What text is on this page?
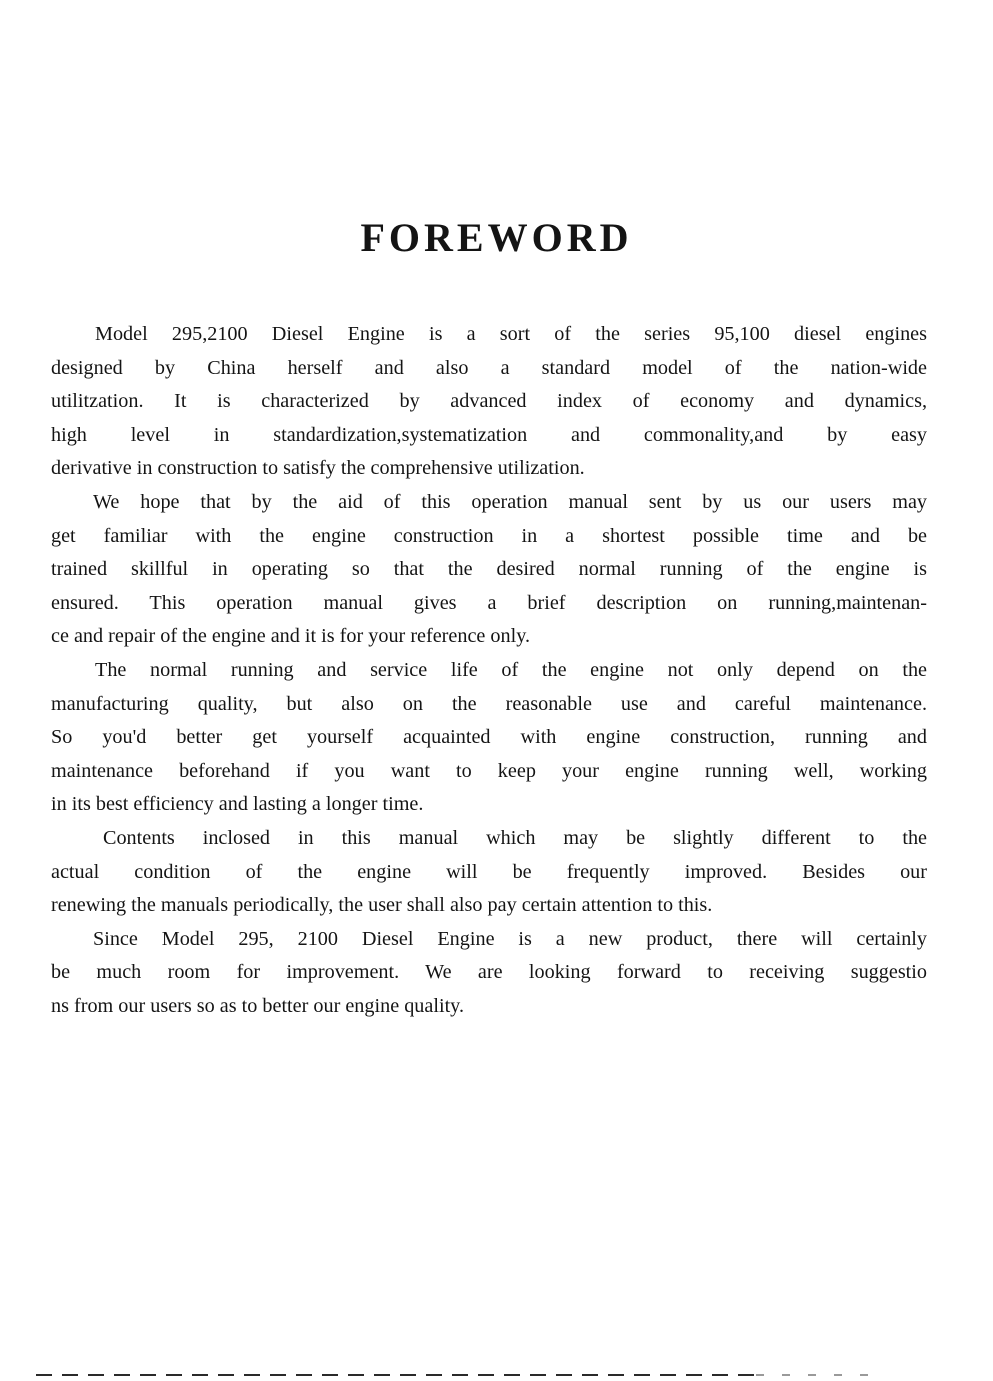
FOREWORD

Model 295,2100 Diesel Engine is a sort of the series 95,100 diesel engines
designed by China herself and also a standard model of the nation-wide
utilitzation. It is characterized by advanced index of economy and dynamics,
high level in standardization,systematization and commonality,and by easy
derivative in construction to satisfy the comprehensive utilization.

We hope that by the aid of this operation manual sent by us our users may
get familiar with the engine construction in a shortest possible time and be
trained skillful in operating so that the desired normal running of the engine is
ensured. This operation manual gives a brief description on running,maintenan-
ce and repair of the engine and it is for your reference only.

The normal running and service life of the engine not only depend on the
manufacturing quality, but also on the reasonable use and careful maintenance.
So you'd better get yourself acquainted with engine construction, running and
maintenance beforehand if you want to keep your engine running well, working
in its best efficiency and lasting a longer time.

Contents inclosed in this manual which may be slightly different to the
actual condition of the engine will be frequently improved. Besides our
renewing the manuals periodically, the user shall also pay certain attention to this.

Since Model 295, 2100 Diesel Engine is a new product, there will certainly
be much room for improvement. We are looking forward to receiving suggestio
ns from our users so as to better our engine quality.
